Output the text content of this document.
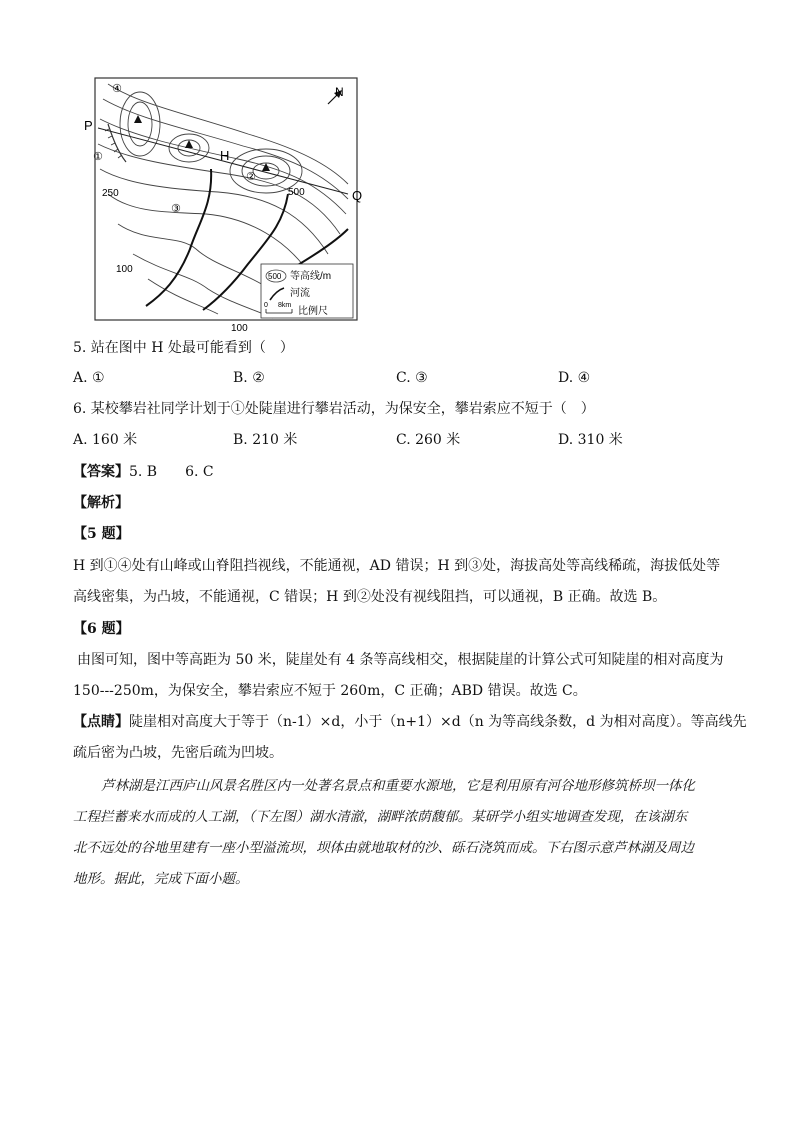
P
Q
H
N
①
②
③
④
250	500
100
100
500 等高线/m
河流
0 8km
比例尺
5. 站在图中 H 处最可能看到（　）
A. ①	B. ②	C. ③	D. ④
6. 某校攀岩社同学计划于①处陡崖进行攀岩活动，为保安全，攀岩索应不短于（　）
A. 160 米	B. 210 米	C. 260 米	D. 310 米
【答案】5. B　　6. C
【解析】
【5 题】
H 到①④处有山峰或山脊阻挡视线，不能通视，AD 错误；H 到③处，海拔高处等高线稀疏，海拔低处等
高线密集，为凸坡，不能通视，C 错误；H 到②处没有视线阻挡，可以通视，B 正确。故选 B。
【6 题】
由图可知，图中等高距为 50 米，陡崖处有 4 条等高线相交，根据陡崖的计算公式可知陡崖的相对高度为
150---250m，为保安全，攀岩索应不短于 260m，C 正确；ABD 错误。故选 C。
【点睛】陡崖相对高度大于等于（n-1）×d，小于（n+1）×d（n 为等高线条数，d 为相对高度）。等高线先
疏后密为凸坡，先密后疏为凹坡。
芦林湖是江西庐山风景名胜区内一处著名景点和重要水源地，它是利用原有河谷地形修筑桥坝一体化
工程拦蓄来水而成的人工湖，（下左图）湖水清澈，湖畔浓荫馥郁。某研学小组实地调查发现，在该湖东
北不远处的谷地里建有一座小型溢流坝，坝体由就地取材的沙、砾石浇筑而成。下右图示意芦林湖及周边
地形。据此，完成下面小题。
